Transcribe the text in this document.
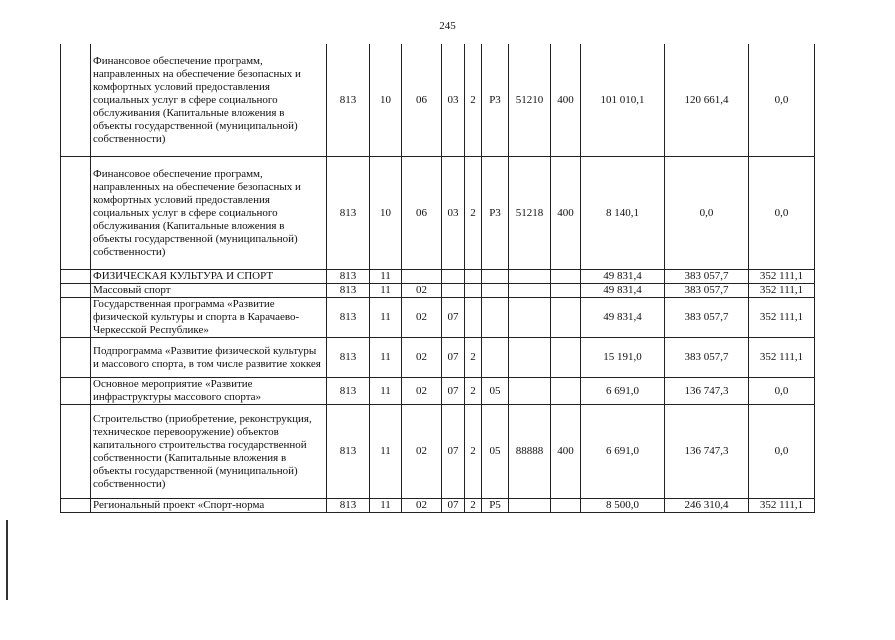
245
	Финансовое обеспечение программ, направленных на обеспечение безопасных и комфортных условий предоставления социальных услуг в сфере социального обслуживания (Капитальные вложения в объекты государственной (муниципальной) собственности)	813	10	06	03	2	P3	51210	400	101 010,1	120 661,4	0,0
	Финансовое обеспечение программ, направленных на обеспечение безопасных и комфортных условий предоставления социальных услуг в сфере социального обслуживания (Капитальные вложения в объекты государственной (муниципальной) собственности)	813	10	06	03	2	P3	51218	400	8 140,1	0,0	0,0
	ФИЗИЧЕСКАЯ КУЛЬТУРА И СПОРТ	813	11							49 831,4	383 057,7	352 111,1
	Массовый спорт	813	11	02						49 831,4	383 057,7	352 111,1
	Государственная программа «Развитие физической культуры и спорта в Карачаево-Черкесской Республике»	813	11	02	07					49 831,4	383 057,7	352 111,1
	Подпрограмма «Развитие физической культуры и массового спорта, в том числе развитие хоккея	813	11	02	07	2				15 191,0	383 057,7	352 111,1
	Основное мероприятие «Развитие инфраструктуры массового спорта»	813	11	02	07	2	05			6 691,0	136 747,3	0,0
	Строительство (приобретение, реконструкция, техническое перевооружение) объектов капитального строительства государственной собственности (Капитальные вложения в объекты государственной (муниципальной) собственности)	813	11	02	07	2	05	88888	400	6 691,0	136 747,3	0,0
	Региональный проект «Спорт-норма	813	11	02	07	2	P5			8 500,0	246 310,4	352 111,1
